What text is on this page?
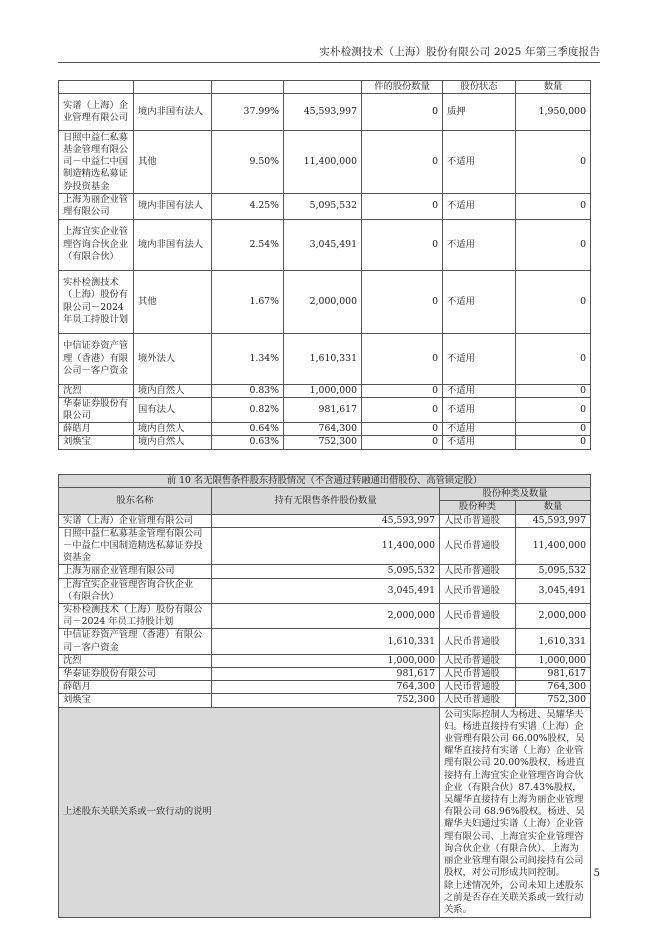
实朴检测技术（上海）股份有限公司 2025 年第三季度报告
				件的股份数量	股份状态	数量
实谱（上海）企业管理有限公司	境内非国有法人	37.99%	45,593,997	0	质押	1,950,000
日照中益仁私募基金管理有限公司－中益仁中国制造精选私募证券投资基金	其他	9.50%	11,400,000	0	不适用	0
上海为丽企业管理有限公司	境内非国有法人	4.25%	5,095,532	0	不适用	0
上海宜实企业管理咨询合伙企业（有限合伙）	境内非国有法人	2.54%	3,045,491	0	不适用	0
实朴检测技术（上海）股份有限公司－2024 年员工持股计划	其他	1.67%	2,000,000	0	不适用	0
中信证券资产管理（香港）有限公司－客户资金	境外法人	1.34%	1,610,331	0	不适用	0
沈烈	境内自然人	0.83%	1,000,000	0	不适用	0
华泰证券股份有限公司	国有法人	0.82%	981,617	0	不适用	0
薛皓月	境内自然人	0.64%	764,300	0	不适用	0
刘焕宝	境内自然人	0.63%	752,300	0	不适用	0
前 10 名无限售条件股东持股情况（不含通过转融通出借股份、高管锁定股）			
股东名称	持有无限售条件股份数量	股份种类及数量	
		股份种类	数量
实谱（上海）企业管理有限公司	45,593,997	人民币普通股	45,593,997
日照中益仁私募基金管理有限公司－中益仁中国制造精选私募证券投资基金	11,400,000	人民币普通股	11,400,000
上海为丽企业管理有限公司	5,095,532	人民币普通股	5,095,532
上海宜实企业管理咨询合伙企业（有限合伙）	3,045,491	人民币普通股	3,045,491
实朴检测技术（上海）股份有限公司－2024 年员工持股计划	2,000,000	人民币普通股	2,000,000
中信证券资产管理（香港）有限公司－客户资金	1,610,331	人民币普通股	1,610,331
沈烈	1,000,000	人民币普通股	1,000,000
华泰证券股份有限公司	981,617	人民币普通股	981,617
薛皓月	764,300	人民币普通股	764,300
刘焕宝	752,300	人民币普通股	752,300
上述股东关联关系或一致行动的说明		公司实际控制人为杨进、吴耀华夫妇。杨进直接持有实谱（上海）企业管理有限公司 66.00%股权，吴耀华直接持有实谱（上海）企业管理有限公司 20.00%股权，杨进直接持有上海宜实企业管理咨询合伙企业（有限合伙）87.43%股权，吴耀华直接持有上海为丽企业管理有限公司 68.96%股权。杨进、吴耀华夫妇通过实谱（上海）企业管理有限公司、上海宜实企业管理咨询合伙企业（有限合伙）、上海为丽企业管理有限公司间接持有公司股权，对公司形成共同控制。
除上述情况外，公司未知上述股东之前是否存在关联关系或一致行动关系。	
5
